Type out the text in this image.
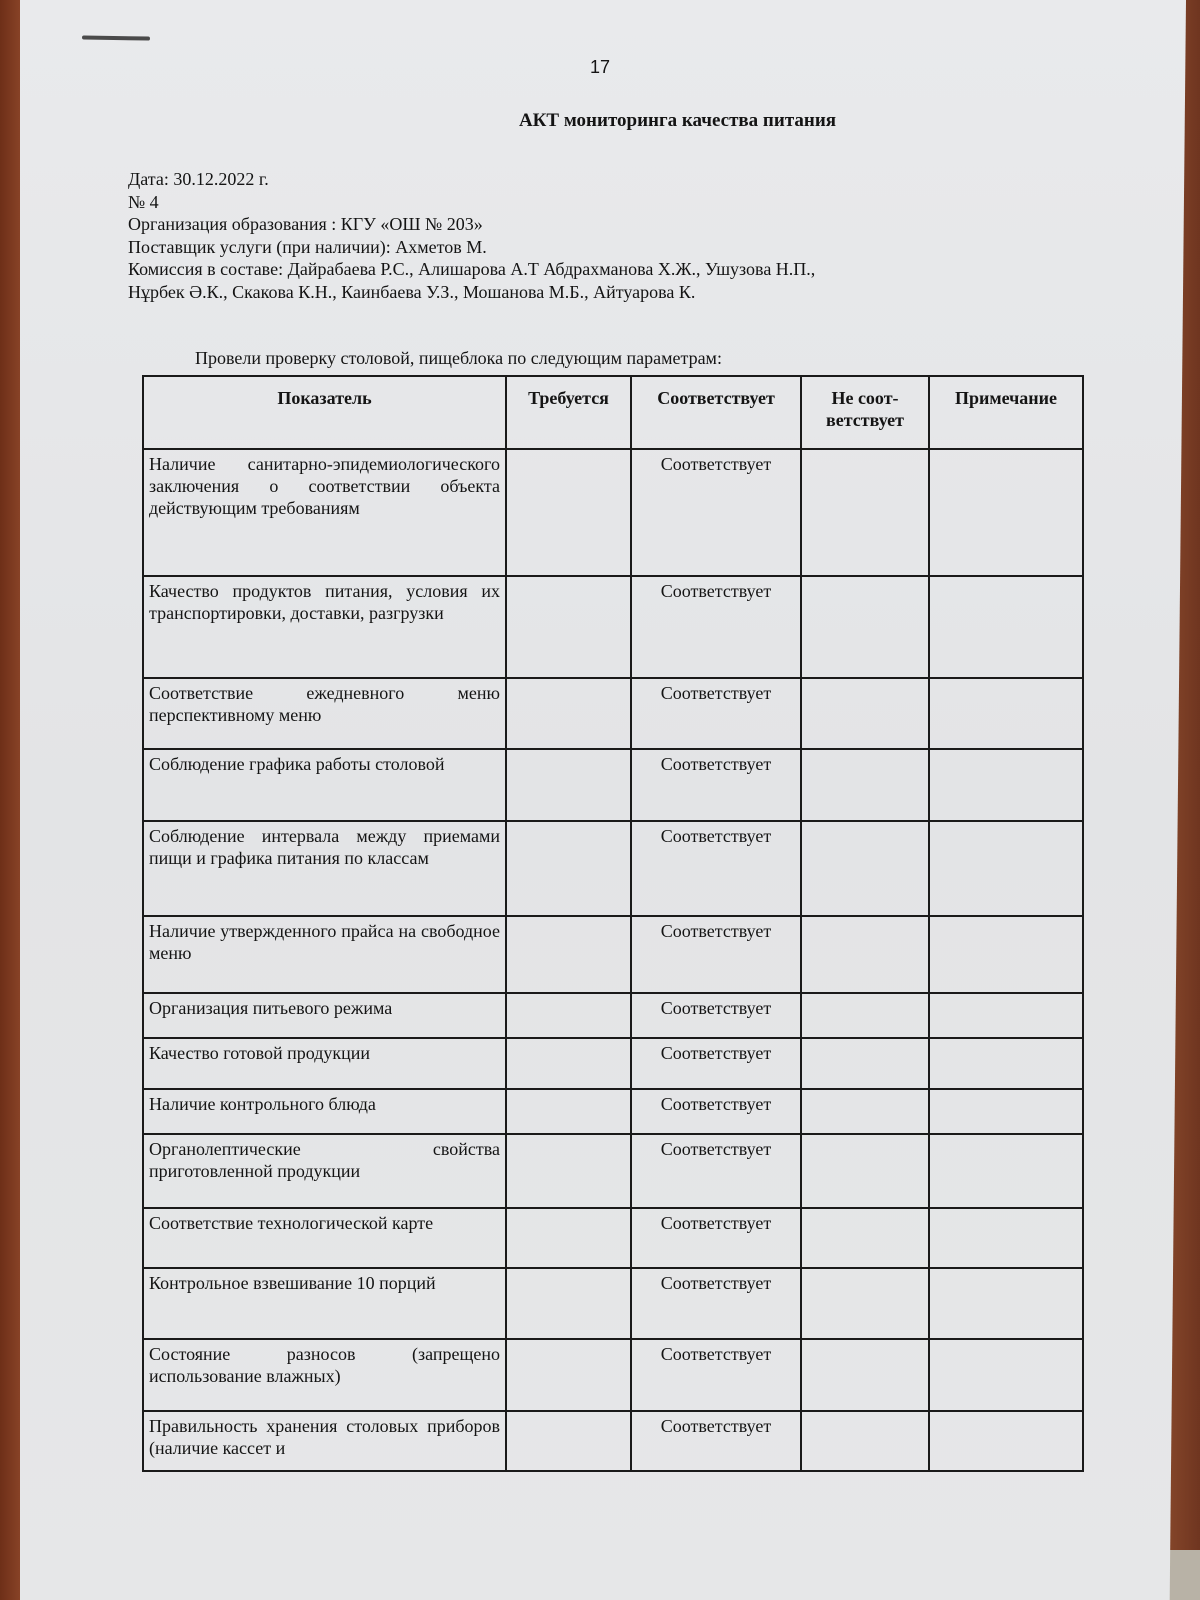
17
АКТ мониторинга качества питания
Дата: 30.12.2022 г.
№ 4
Организация образования : КГУ «ОШ № 203»
Поставщик услуги (при наличии): Ахметов М.
Комиссия в составе: Дайрабаева Р.С., Алишарова А.Т Абдрахманова Х.Ж., Ушузова Н.П.,
Нұрбек Ә.К., Скакова К.Н., Каинбаева У.З., Мошанова М.Б., Айтуарова К.
Провели проверку столовой, пищеблока по следующим параметрам:
Показатель	Требуется	Соответствует	Не соот-ветствует	Примечание
Наличие санитарно-эпидемиологического заключения о соответствии объекта действующим требованиям		Соответствует		
Качество продуктов питания, условия их транспортировки, доставки, разгрузки		Соответствует		
Соответствие ежедневного меню перспективному меню		Соответствует		
Соблюдение графика работы столовой		Соответствует		
Соблюдение интервала между приемами пищи и графика питания по классам		Соответствует		
Наличие утвержденного прайса на свободное меню		Соответствует		
Организация питьевого режима		Соответствует		
Качество готовой продукции		Соответствует		
Наличие контрольного блюда		Соответствует		
Органолептические свойства приготовленной продукции		Соответствует		
Соответствие технологической карте		Соответствует		
Контрольное взвешивание 10 порций		Соответствует		
Состояние разносов (запрещено использование влажных)		Соответствует		
Правильность хранения столовых приборов (наличие кассет и		Соответствует		
